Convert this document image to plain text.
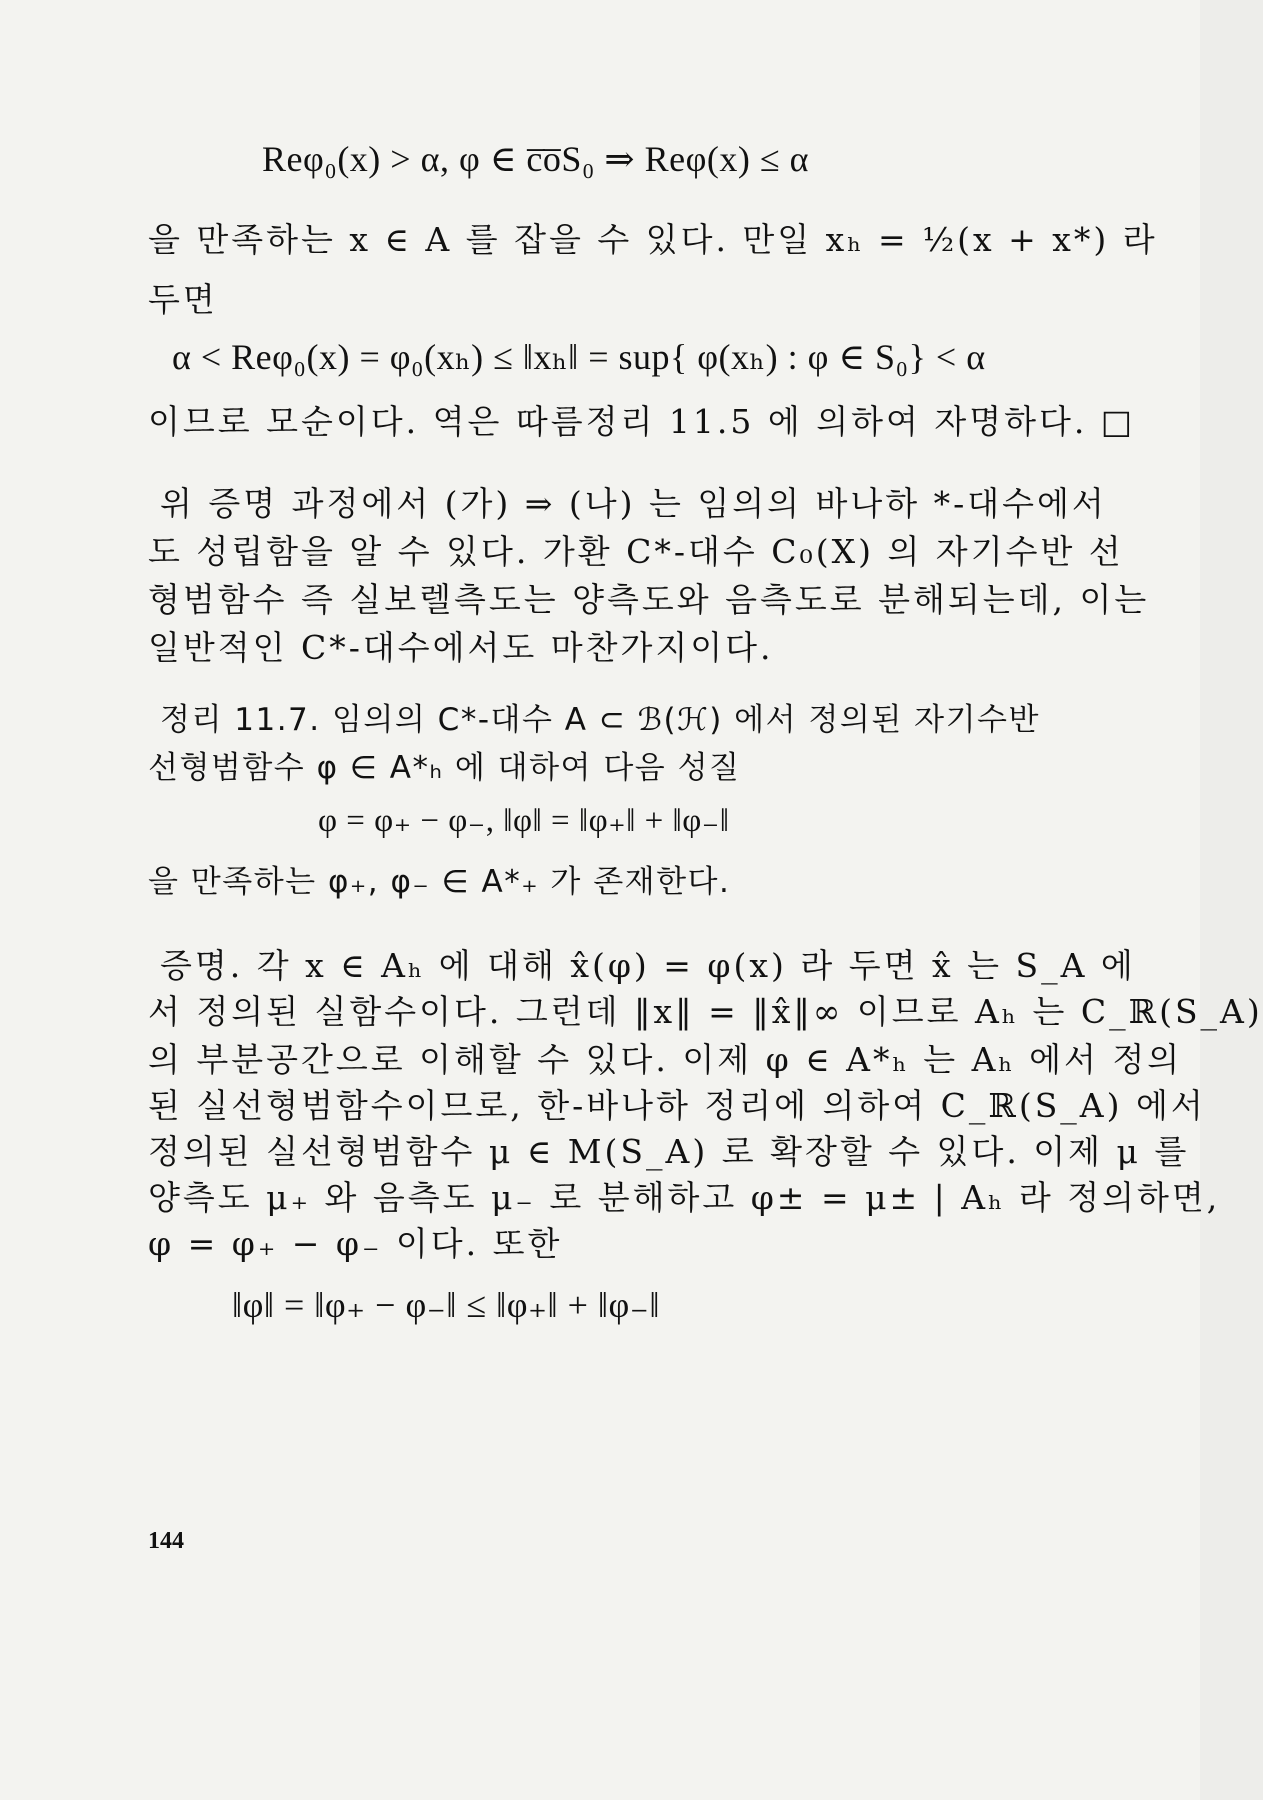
Reφ₀(x) > α, φ ∈ c̅o̅S₀ ⇒ Reφ(x) ≤ α
을 만족하는 x ∈ A 를 잡을 수 있다. 만일 xₕ = ½(x + x*) 라
두면
α < Reφ₀(x) = φ₀(xₕ) ≤ ‖xₕ‖ = sup{ φ(xₕ) : φ ∈ S₀} < α
이므로 모순이다. 역은 따름정리 11.5 에 의하여 자명하다. □
위 증명 과정에서 (가) ⇒ (나) 는 임의의 바나하 *-대수에서
도 성립함을 알 수 있다. 가환 C*-대수 C₀(X) 의 자기수반 선
형범함수 즉 실보렐측도는 양측도와 음측도로 분해되는데, 이는
일반적인 C*-대수에서도 마찬가지이다.
정리 11.7. 임의의 C*-대수 A ⊂ ℬ(ℋ) 에서 정의된 자기수반
선형범함수 φ ∈ A*ₕ 에 대하여 다음 성질
φ = φ₊ − φ₋, ‖φ‖ = ‖φ₊‖ + ‖φ₋‖
을 만족하는 φ₊, φ₋ ∈ A*₊ 가 존재한다.
증명. 각 x ∈ Aₕ 에 대해 x̂(φ) = φ(x) 라 두면 x̂ 는 S_A 에
서 정의된 실함수이다. 그런데 ‖x‖ = ‖x̂‖∞ 이므로 Aₕ 는 C_ℝ(S_A)
의 부분공간으로 이해할 수 있다. 이제 φ ∈ A*ₕ 는 Aₕ 에서 정의
된 실선형범함수이므로, 한-바나하 정리에 의하여 C_ℝ(S_A) 에서
정의된 실선형범함수 μ ∈ M(S_A) 로 확장할 수 있다. 이제 μ 를
양측도 μ₊ 와 음측도 μ₋ 로 분해하고 φ± = μ± | Aₕ 라 정의하면,
φ = φ₊ − φ₋ 이다. 또한
‖φ‖ = ‖φ₊ − φ₋‖ ≤ ‖φ₊‖ + ‖φ₋‖
144
